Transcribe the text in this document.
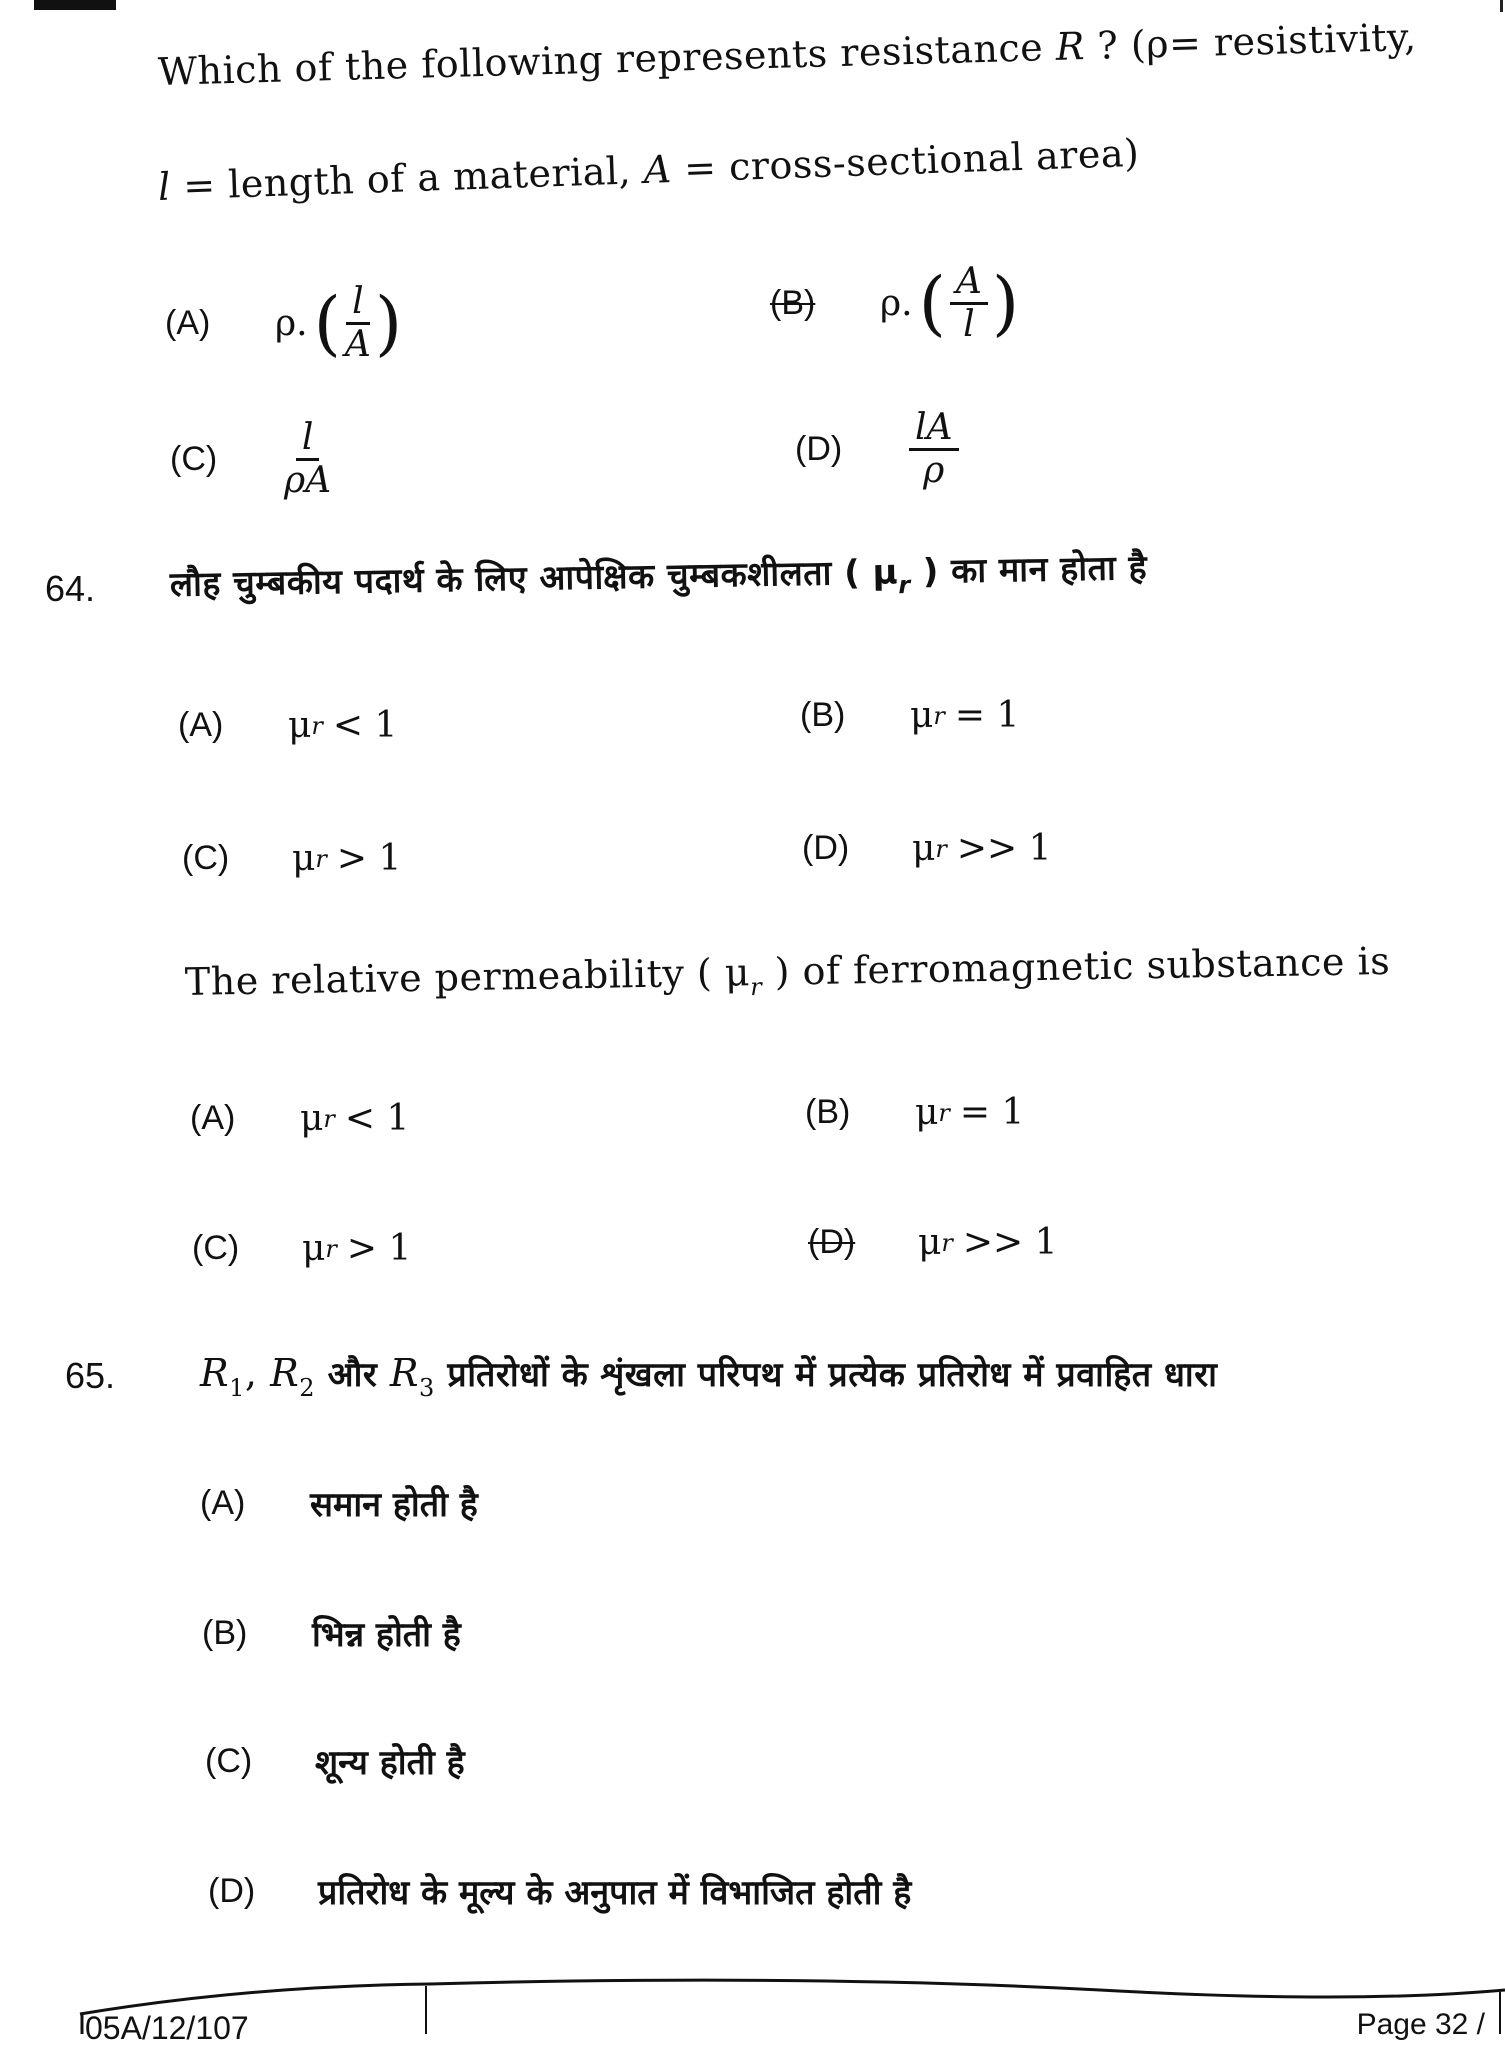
Which of the following represents resistance R ? (ρ= resistivity,
l = length of a material, A = cross-sectional area)
(A)	ρ. ( $\frac{l}{A}$ )	(B)	ρ. ( $\frac{A}{l}$ )
(C)	$\frac{l}{\rho A}$	(D)	$\frac{lA}{\rho}$
64. लौह चुम्बकीय पदार्थ के लिए आपेक्षिक चुम्बकशीलता ( $\mu_r$ ) का मान होता है
(A)	μ r < 1	(B)	μ r = 1
(C)	μ r > 1	(D)	μ r >> 1
The relative permeability ( $\mu_r$ ) of ferromagnetic substance is
(A)	μ r < 1	(B)	μ r = 1
(C)	μ r > 1	(D)	μ r >> 1
65. $R_1$, $R_2$ और $R_3$ प्रतिरोधों के शृंखला परिपथ में प्रत्येक प्रतिरोध में प्रवाहित धारा
(A)	समान होती है
(B)	भिन्न होती है
(C)	शून्य होती है
(D)	प्रतिरोध के मूल्य के अनुपात में विभाजित होती है
05A/12/107	Page 32 /
